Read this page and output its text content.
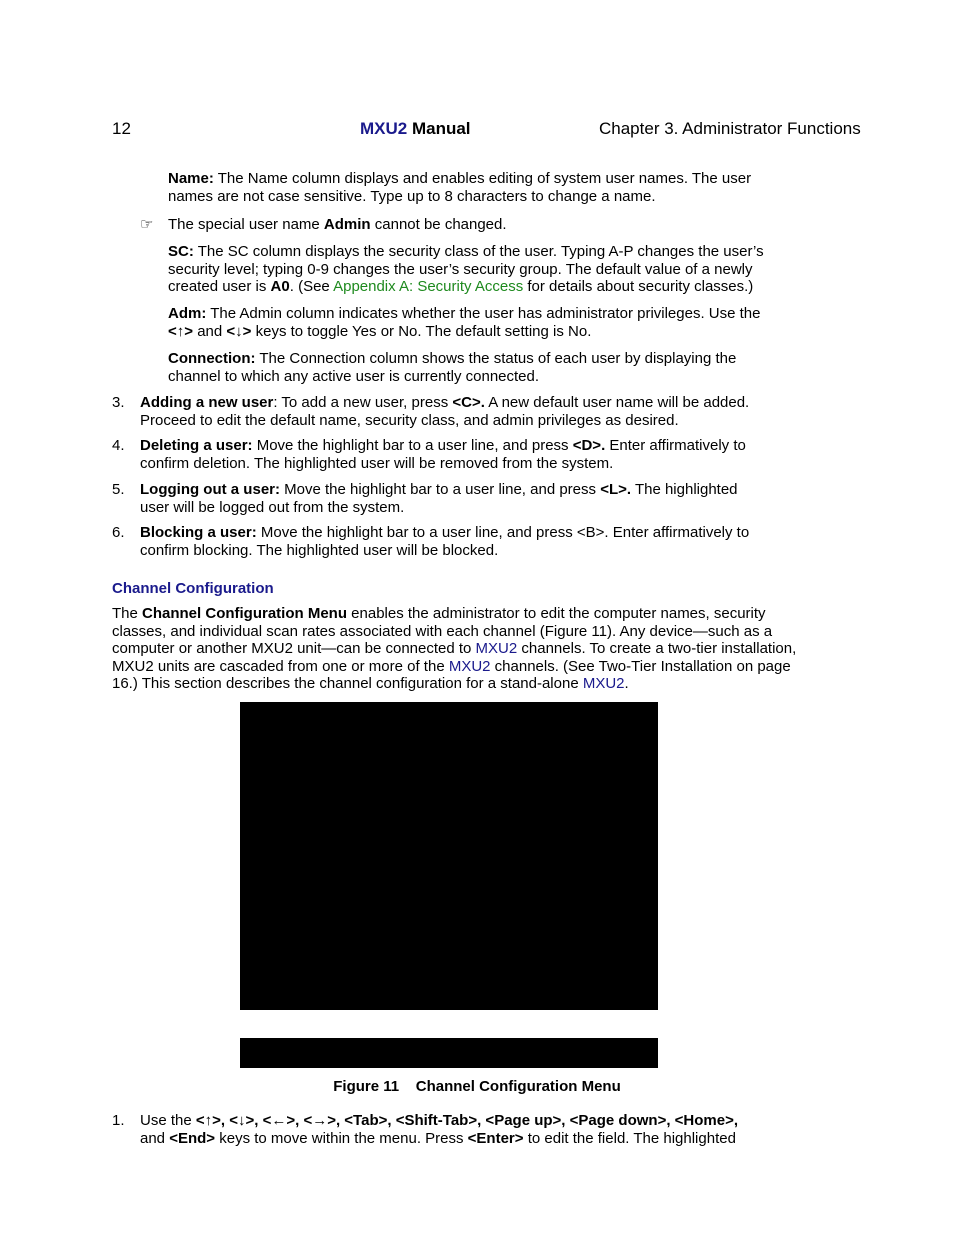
12	MXU2 Manual	Chapter 3. Administrator Functions
Name: The Name column displays and enables editing of system user names. The user
names are not case sensitive. Type up to 8 characters to change a name.
☞ The special user name Admin cannot be changed.
SC: The SC column displays the security class of the user. Typing A-P changes the user’s
security level; typing 0-9 changes the user’s security group. The default value of a newly
created user is A0. (See Appendix A: Security Access for details about security classes.)
Adm: The Admin column indicates whether the user has administrator privileges. Use the
<↑> and <↓> keys to toggle Yes or No. The default setting is No.
Connection: The Connection column shows the status of each user by displaying the
channel to which any active user is currently connected.
3. Adding a new user: To add a new user, press <C>. A new default user name will be added.
Proceed to edit the default name, security class, and admin privileges as desired.
4. Deleting a user: Move the highlight bar to a user line, and press <D>. Enter affirmatively to
confirm deletion. The highlighted user will be removed from the system.
5. Logging out a user: Move the highlight bar to a user line, and press <L>. The highlighted
user will be logged out from the system.
6. Blocking a user: Move the highlight bar to a user line, and press <B>. Enter affirmatively to
confirm blocking. The highlighted user will be blocked.
Channel Configuration
The Channel Configuration Menu enables the administrator to edit the computer names, security
classes, and individual scan rates associated with each channel (Figure 11). Any device—such as a
computer or another MXU2 unit—can be connected to MXU2 channels. To create a two-tier installation,
MXU2 units are cascaded from one or more of the MXU2 channels. (See Two-Tier Installation on page
16.) This section describes the channel configuration for a stand-alone MXU2.
Figure 11    Channel Configuration Menu
1. Use the <↑>, <↓>, <←>, <→>, <Tab>, <Shift-Tab>, <Page up>, <Page down>, <Home>,
and <End> keys to move within the menu. Press <Enter> to edit the field. The highlighted
